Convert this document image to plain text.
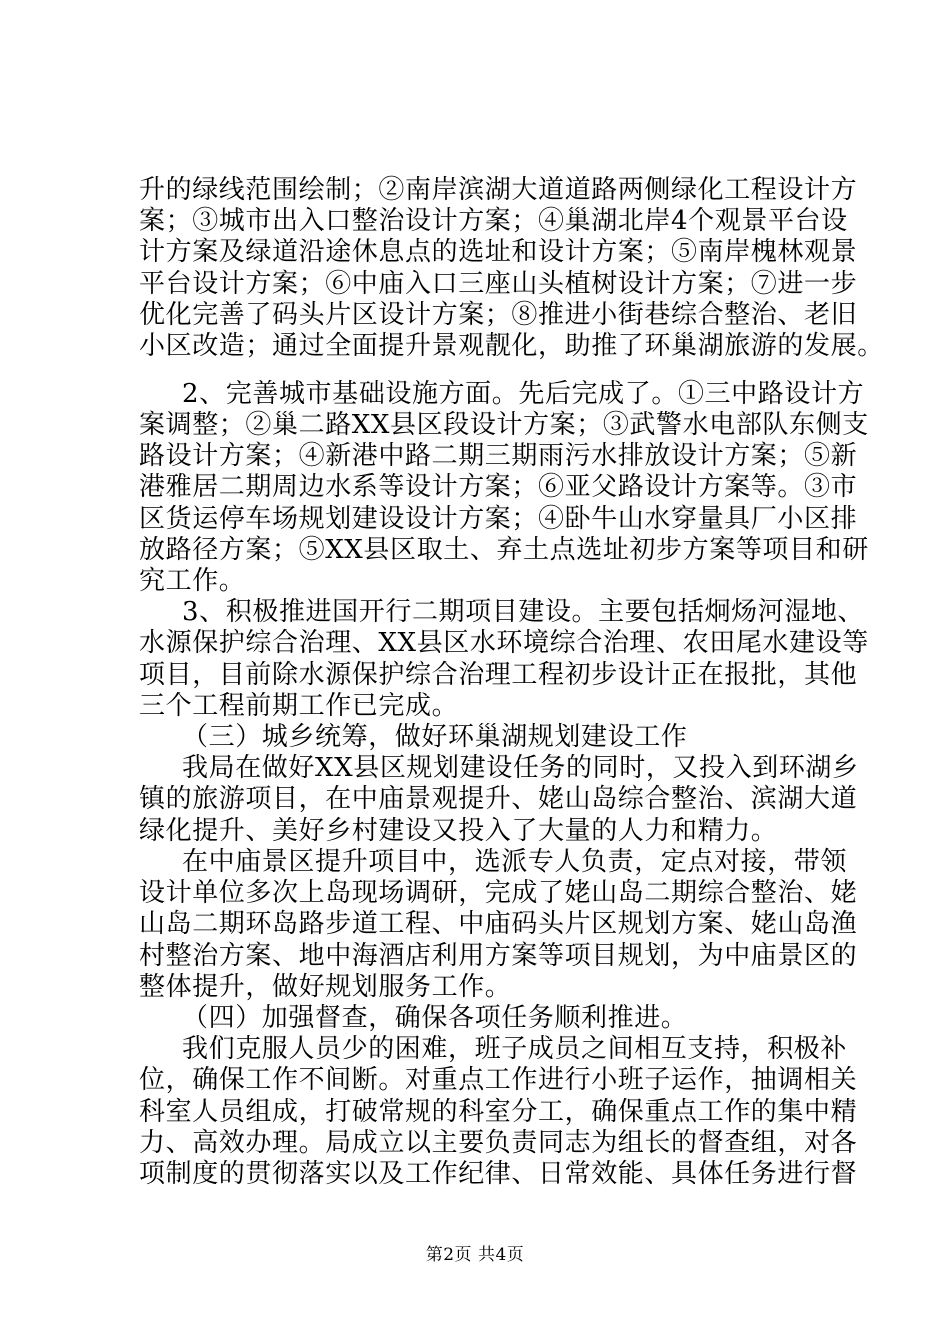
升的绿线范围绘制；②南岸滨湖大道道路两侧绿化工程设计方
案；③城市出入口整治设计方案；④巢湖北岸4个观景平台设
计方案及绿道沿途休息点的选址和设计方案；⑤南岸槐林观景
平台设计方案；⑥中庙入口三座山头植树设计方案；⑦进一步
优化完善了码头片区设计方案；⑧推进小街巷综合整治、老旧
小区改造；通过全面提升景观靓化，助推了环巢湖旅游的发展。
2、完善城市基础设施方面。先后完成了。①三中路设计方
案调整；②巢二路XX县区段设计方案；③武警水电部队东侧支
路设计方案；④新港中路二期三期雨污水排放设计方案；⑤新
港雅居二期周边水系等设计方案；⑥亚父路设计方案等。③市
区货运停车场规划建设设计方案；④卧牛山水穿量具厂小区排
放路径方案；⑤XX县区取土、弃土点选址初步方案等项目和研
究工作。
3、积极推进国开行二期项目建设。主要包括炯炀河湿地、
水源保护综合治理、XX县区水环境综合治理、农田尾水建设等
项目，目前除水源保护综合治理工程初步设计正在报批，其他
三个工程前期工作已完成。
（三）城乡统筹，做好环巢湖规划建设工作
我局在做好XX县区规划建设任务的同时，又投入到环湖乡
镇的旅游项目，在中庙景观提升、姥山岛综合整治、滨湖大道
绿化提升、美好乡村建设又投入了大量的人力和精力。
在中庙景区提升项目中，选派专人负责，定点对接，带领
设计单位多次上岛现场调研，完成了姥山岛二期综合整治、姥
山岛二期环岛路步道工程、中庙码头片区规划方案、姥山岛渔
村整治方案、地中海酒店利用方案等项目规划，为中庙景区的
整体提升，做好规划服务工作。
（四）加强督查，确保各项任务顺利推进。
我们克服人员少的困难，班子成员之间相互支持，积极补
位，确保工作不间断。对重点工作进行小班子运作，抽调相关
科室人员组成，打破常规的科室分工，确保重点工作的集中精
力、高效办理。局成立以主要负责同志为组长的督查组，对各
项制度的贯彻落实以及工作纪律、日常效能、具体任务进行督
第2页 共4页
